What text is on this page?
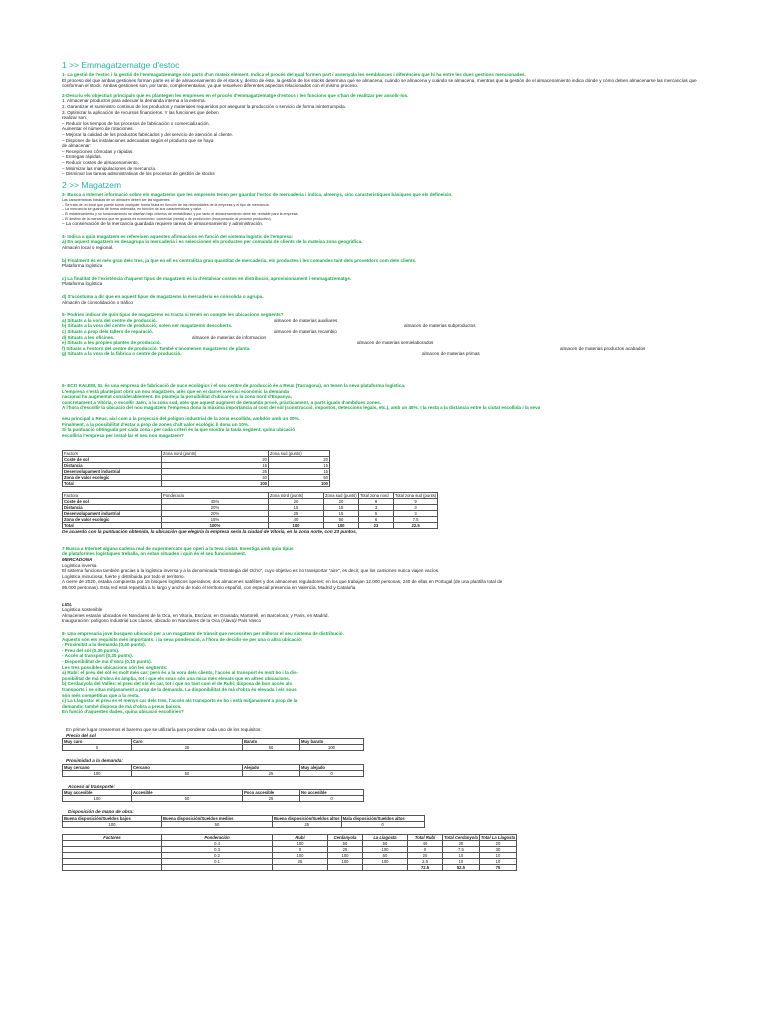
1 >> Emmagatzematge d'estoc
1- La gestió de l'estoc i la gestió de l'emmagatzematge són parts d'un mateix element. Indica el procés del qual formen part i assenyala les semblances i diferències que hi ha entre les dues gestions mencionades.
El proceso del que ambas gestiones forman parte es el de almacenamiento de el stock y, dentro de éste, la gestión de los stocks determina qué se almacena, cuándo se almacena y cuándo se almacena, mientras que la gestión de el almacenamiento indica dónde y cómo deben almacenarse las mercancías que conforman el stock. Ambas gestiones son, por tanto, complementarias, ya que resuelven diferentes aspectos relacionados con el mismo proceso.
2-Descriu els objectius principals que es plantegen les empreses en el procés d'emmagatzematge d'estocs i les funcions que s'han de realitzar per assolir-los.
1. Almacenar productos para adecuar la demanda interna a la externa.
2. Garantizar el suministro continuo de los productos y materiales requeridos por asegurar la producción o servicio de forma ininterrumpida.
3. Optimizar la aplicación de recursos financieros. Y las funciones que deben
realizar son:
– Reducir los tiempos de los procesos de fabricación o comercialización.
Aumentar el número de rotaciones.
– Mejorar la calidad de los productos fabricados y del servicio de atención al cliente.
– Disponer de las instalaciones adecuadas según el producto que se haya
de almacenar:
– Recepciones cómodas y rápidas.
– Entregas rápidas.
– Reducir costes de almacenamiento.
– Minimizar las manipulaciones de mercancía.
– Disminuir las tareas administrativas de los procesos de gestión de stocks
2 >> Magatzem
3- Busca a Internet informació sobre els magatzems que les empreses tenen per guardar l'estoc de mercaderia i indica, almenys, cinc característiques bàsiques que els defineixin.
Las características básicas de un almacén deben ser las siguientes:
– Se trata de un local que puede tomar cualquier forma física en función de las necesidades de la empresa y el tipo de mercancía.
– La mercancía se guarda de forma ordenada, en función de sus características y valor.
– El establecimiento y su funcionamiento se diseñan bajo criterios de rentabilidad, y por tanto el almacenamiento debe ser rentable para la empresa.
– El destino de la mercancía que se guarda es económico: comercial (venta) o de producción (incorporación al proceso productivo).
– La conservación de la mercancía guardada requiere tareas de almacenamiento y administración.
4- Indica a quin magatzem es refereixen aquestes afirmacions en funció del sistema logístic de l'empresa:
a) En aquest magatzem es desagrupa la mercaderia i es seleccionen els productes per comanda de clients de la mateixa zona geogràfica.
Almacén local o regional.
b) Finalment és el més gran dels tres, ja que en ell es centralitza gran quantitat de mercaderia, els productes i les comandes tant dels proveïdors com dels clients.
Plataforma logística
c) La finalitat de l'existència d'aquest tipus de magatzem és la d'estalviar costos en distribució, aprovisionament i emmagatzematge.
Plataforma logística
d) S'acostuma a dir que en aquest tipus de magatzems la mercaderia es consolida o agrupa.
Almacén de consolidación o tráfico
5- Podries indicar de quin tipus de magatzems es tracta si tenen en compte les ubicacions següents?
a) Situats a la vora del centre de producció.	almacen de materias auxiliares
b) Situats a la vora del centre de producció; solen ser magatzems descoberts.	almacen de materias subproductos
c) Situats a prop dels tallers de reparació.	almacen de materias recambio
d) Situats a les oficines.	almacen de materias de informacion
e) Situats a les pròpies plantes de producció.	almacen de materias semielaborados
f) Situats a l'entorn del centre de producció. També s'anomenen magatzems de planta.	almacen de materias productos acabados
g) Situats a la vora de la fàbrica o centre de producció.	almacen de materias primas
6- ECO KALEM, SL és una empresa de fabricació de sucs ecològics i el seu centre de producció és a Reus (Tarragona), on tenen la seva plataforma logística.
L'empresa s'està plantejant obrir un nou magatzem, atès que en el darrer exercici econòmic la demanda
nacional ha augmentat considerablement. Es planteja la possibilitat d'ubicar-lo a la zona nord d'Espanya,
concretament a Vitòria, o escollir Jaén, a la zona sud, atès que aquest augment de demanda prové, pràcticament, a parts iguals d'ambdues zones.
A l'hora d'escollir la ubicació del nou magatzem l'empresa dona la màxima importància al cost del sòl (construcció, impostos, deteccions legals, etc.), amb un 45%. I la resta a la distància entre la ciutat escollida i la seva
seu principal a Reus, així com a la projecció del polígon industrial de la zona escollida, ambdós amb un 20%.
Finalment, a la possibilitat d'estar a prop de zones d'alt valor ecològic li dona un 10%.
Si la puntuació obtinguda per cada zona i per cada criteri és la que mostra la taula següent, quina ubicació
escolliria l'empresa per instal·lar el seu nou magatzem?
Factors	Zona nord (punts)	Zona sud (punts)
Coste de sol	20	20
Distancia	15	15
Desenvolupament industrial	25	15
Zona de valor ecologic	40	50
Total	100	100
Factora	Ponderacio	Zona nord (punts)	Zona sud (punts)	Total zona nord	Total zona sud (punts)
Coste de sol	45%	20	20	9	9
Distancia	20%	15	15	3	3
Desenvolupament industrial	20%	25	15	5	3
Zona de valor ecologic	15%	40	50	6	7.5
Total	100%	100	100	23	22.5
De acuerdo con la puntuación obtenida, la ubicación que elegiría la empresa sería la ciudad de Vitoria, en la zona norte, con 23 puntos,
7 Busca a Internet alguna cadena real de supermercats que operi a la teva ciutat. Investiga amb quin tipus
de plataformes logístiques treballa, on estan situades i quin és el seu funcionament.
MERCADONA
Logística inversa
El sistema funciona también gracias a la logística inversa y a la denominada "Estrategia del Ocho", cuyo objetivo es no transportar "aire", es decir, que los camiones nunca viajen vacíos.
Logística minuciosa, fuerte y distribuida por todo el territorio.
A cierre de 2020, estaba compuesta por 15 bloques logísticos operativos, dos almacenes satélites y dos almacenes reguladores; en los que trabajan 12.000 personas, 240 de ellas en Portugal (de una plantilla total de
95.000 personas). Esta red está repartida a lo largo y ancho de todo el territorio español, con especial presencia en Valencia, Madrid y Cataluña
LIDL
Logística sostenible
Almacenes estarán ubicados en Nanclares de la Oca, en Vitoria, Escúzar, en Granada; Martorell, en Barcelona; y Paris, en Madrid.
Inauguración: polígono industrial Los Llanos, ubicado en Nanclares de la Oca (Álava)/ País Vasco
8- Una empresaria jove busquen ubicació per a un magatzem de trànsit que necessiten per millorar el seu sistema de distribució.
Aquests són els requisits més importants. i la seva ponderació, a l'hora de decidir-se per una o altra ubicació:
- Proximitat a la demanda (0,40 punts).
- Preu del sòl (0,30 punts).
- Accés al transport (0,20 punts).
- Disponibilitat de mà d'obra (0,10 punts).
Les tres possibles ubicacions són les següents:
a) Rubí: el preu del sòl és molt més car; però és a la vora dels clients, l'accés al transport és molt bo i la dis-
ponibilitat de mà d'obra és àmplia, tot i que els sous són una mica més elevats que en altres ubicacions.
b) Cerdanyola del Vallès: el preu del sòl és car, tot i que no tant com el de Rubí; disposa de bon accés als
transports i se situa mitjanament a prop de la demanda. La disponibilitat de mà d'obra és elevada i els sous
són més competitius que a la resta.
c) La Llagosta: el preu és el menys car dels tres, l'accés als transports és bo i està mitjanament a prop de la
demanda; també disposa de mà d'obra a preus baixos.
En funció d'aquestes dades, quina ubicació escolliries?
En primer lugar crearemos el baremo que se utilizaría para ponderar cada uno de los requisitos:
Precio del sol
Muy caro	Caro	Barato	Muy barato
0	25	50	100
Proximidad a la demanda:
Muy cercano	Cercano	Alejado	Muy alejado
100	50	25	0
Acceso al transporte:
Muy accesible	Accesible	Poco accesible	No accesible
100	50	25	0
Disposición de mano de obra:
Buena disposición/Sueldos bajos	Buena disposición/Sueldos medios	Buena disposición/Sueldos altos	Mala disposición/Sueldos altos
100	50	25	0
Factores	Ponderación	Rubí	Cerdanyola	La Llagosta	Total Rubí	Total Cerdanyola	Total La Llagosta
	0.4	100	50	50	40	20	20
	0.3	0	25	100	0	7.5	30
	0.2	100	100	50	20	10	10
	0.1	25	100	100	2.5	10	10
					72.5	52.5	75
